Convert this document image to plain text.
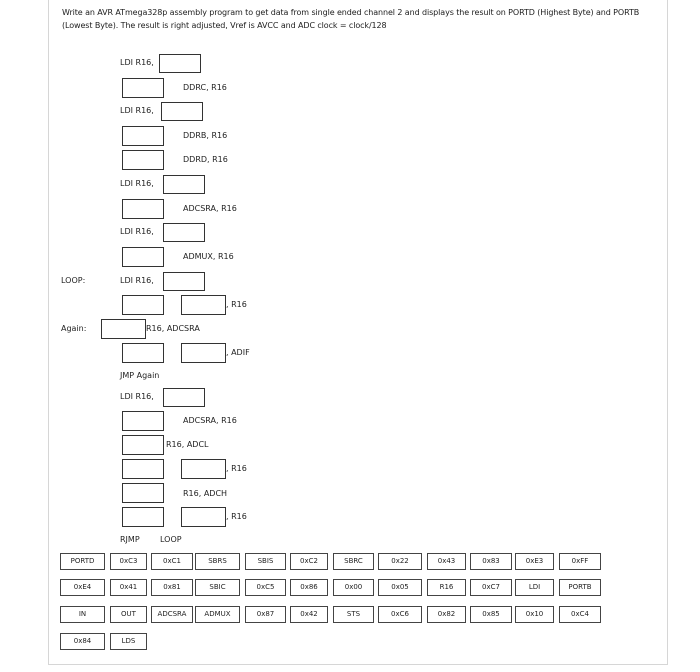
Write an AVR ATmega328p assembly program to get data from single ended channel 2 and displays the result on PORTD (Highest Byte) and PORTB (Lowest Byte). The result is right adjusted, Vref is AVCC and ADC clock = clock/128
LDI R16,
DDRC, R16
LDI R16,
DDRB, R16
DDRD, R16
LDI R16,
ADCSRA, R16
LDI R16,
ADMUX, R16
LOOP:	LDI R16,
, R16
Again:	R16, ADCSRA
, ADIF
JMP Again
LDI R16,
ADCSRA, R16
R16, ADCL
, R16
R16, ADCH
, R16
RJMP	LOOP
PORTD	0xC3	0xC1	SBRS	SBIS	0xC2	SBRC	0x22	0x43	0x83	0xE3	0xFF
0xE4	0x41	0x81	SBIC	0xC5	0x86	0x00	0x05	R16	0xC7	LDI	PORTB
IN	OUT	ADCSRA	ADMUX	0x87	0x42	STS	0xC6	0x82	0x85	0x10	0xC4
0x84	LDS
